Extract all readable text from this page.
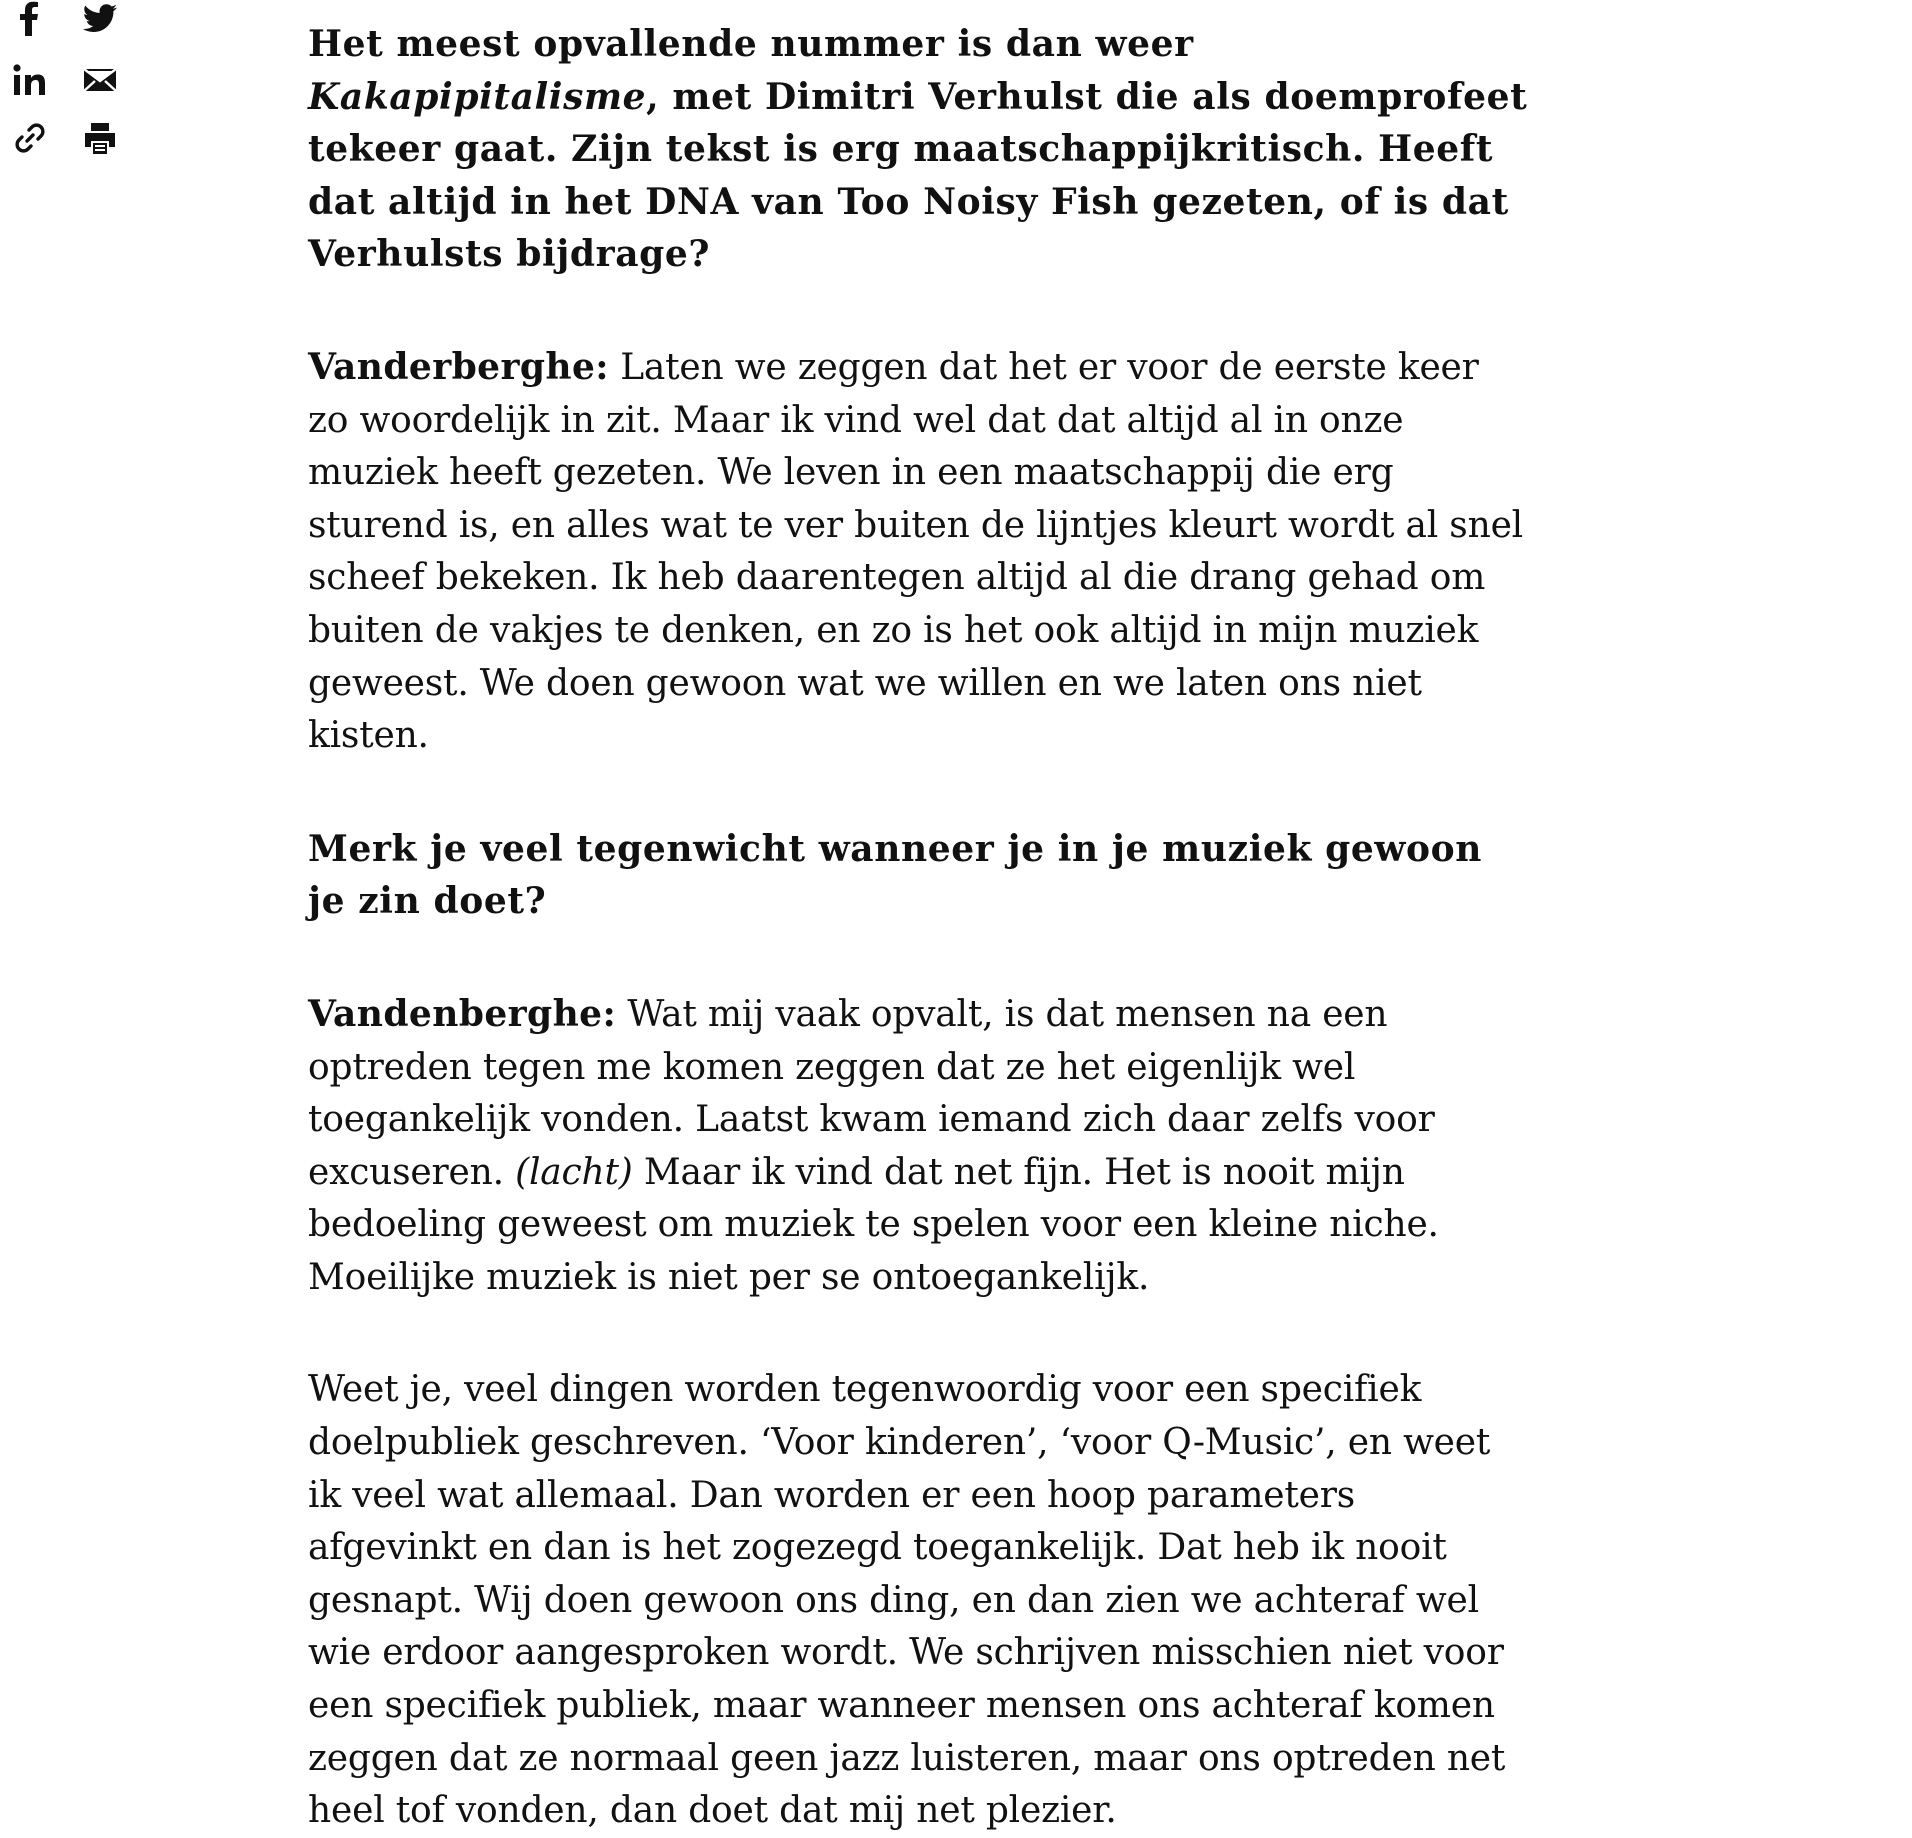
Het meest opvallende nummer is dan weer Kakapipitalisme, met Dimitri Verhulst die als doemprofeet tekeer gaat. Zijn tekst is erg maatschappijkritisch. Heeft dat altijd in het DNA van Too Noisy Fish gezeten, of is dat Verhulsts bijdrage?

Vanderberghe: Laten we zeggen dat het er voor de eerste keer zo woordelijk in zit. Maar ik vind wel dat dat altijd al in onze muziek heeft gezeten. We leven in een maatschappij die erg sturend is, en alles wat te ver buiten de lijntjes kleurt wordt al snel scheef bekeken. Ik heb daarentegen altijd al die drang gehad om buiten de vakjes te denken, en zo is het ook altijd in mijn muziek geweest. We doen gewoon wat we willen en we laten ons niet kisten.

Merk je veel tegenwicht wanneer je in je muziek gewoon je zin doet?

Vandenberghe: Wat mij vaak opvalt, is dat mensen na een optreden tegen me komen zeggen dat ze het eigenlijk wel toegankelijk vonden. Laatst kwam iemand zich daar zelfs voor excuseren. (lacht) Maar ik vind dat net fijn. Het is nooit mijn bedoeling geweest om muziek te spelen voor een kleine niche. Moeilijke muziek is niet per se ontoegankelijk.

Weet je, veel dingen worden tegenwoordig voor een specifiek doelpubliek geschreven. ‘Voor kinderen’, ‘voor Q-Music’, en weet ik veel wat allemaal. Dan worden er een hoop parameters afgevinkt en dan is het zogezegd toegankelijk. Dat heb ik nooit gesnapt. Wij doen gewoon ons ding, en dan zien we achteraf wel wie erdoor aangesproken wordt. We schrijven misschien niet voor een specifiek publiek, maar wanneer mensen ons achteraf komen zeggen dat ze normaal geen jazz luisteren, maar ons optreden net heel tof vonden, dan doet dat mij net plezier.
